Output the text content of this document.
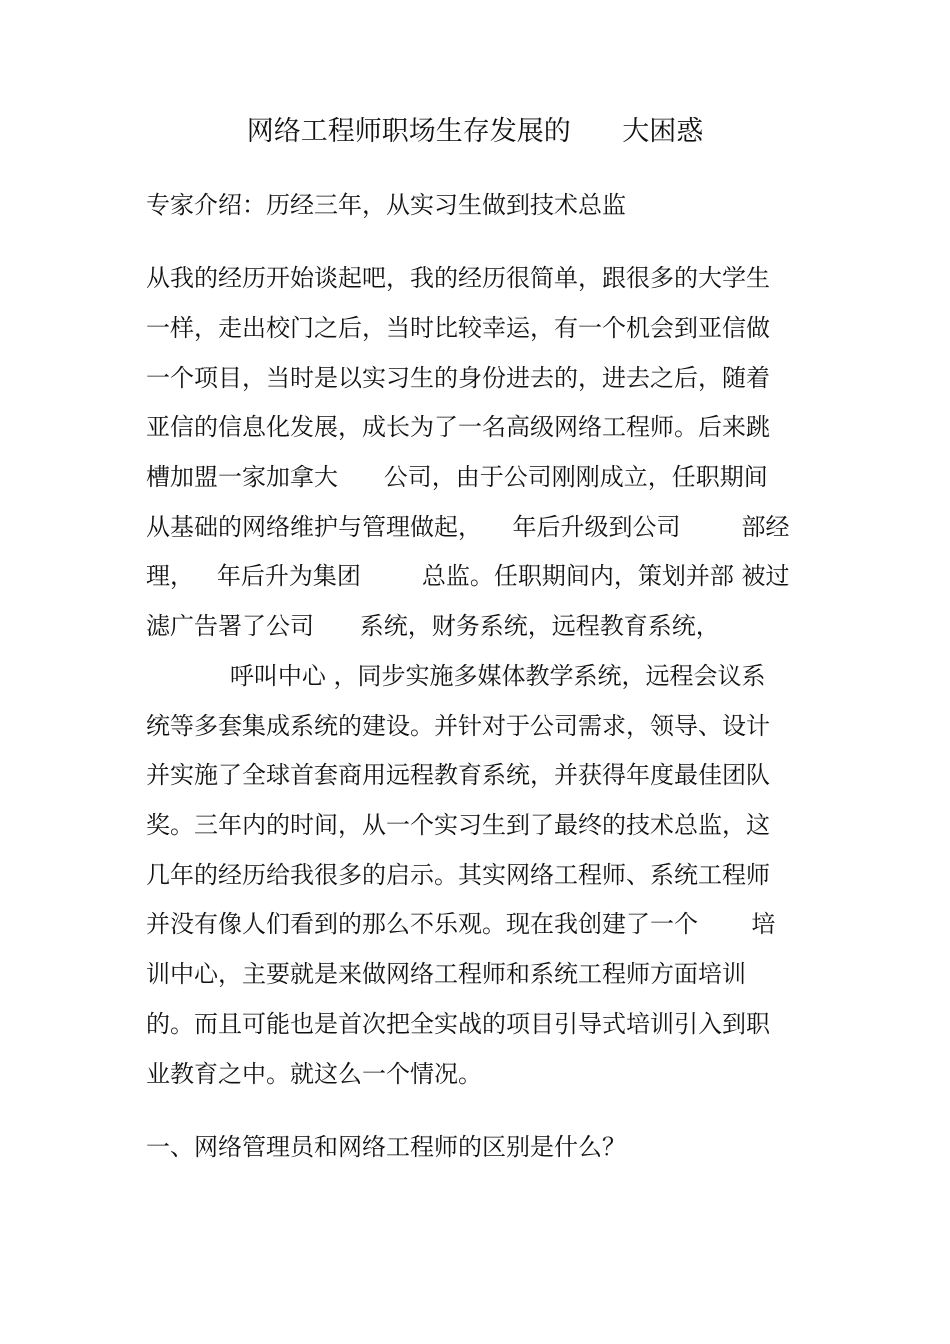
网络工程师职场生存发展的      大困惑
专家介绍：历经三年，从实习生做到技术总监
从我的经历开始谈起吧，我的经历很简单，跟很多的大学生
一样，走出校门之后，当时比较幸运，有一个机会到亚信做
一个项目，当时是以实习生的身份进去的，进去之后，随着
亚信的信息化发展，成长为了一名高级网络工程师。后来跳
槽加盟一家加拿大      公司，由于公司刚刚成立，任职期间
从基础的网络维护与管理做起，    年后升级到公司        部经
理，   年后升为集团        总监。任职期间内，策划并部 被过
滤广告署了公司      系统，财务系统，远程教育系统，
呼叫中心 ，同步实施多媒体教学系统，远程会议系
统等多套集成系统的建设。并针对于公司需求，领导、设计
并实施了全球首套商用远程教育系统，并获得年度最佳团队
奖。三年内的时间，从一个实习生到了最终的技术总监，这
几年的经历给我很多的启示。其实网络工程师、系统工程师
并没有像人们看到的那么不乐观。现在我创建了一个       培
训中心，主要就是来做网络工程师和系统工程师方面培训
的。而且可能也是首次把全实战的项目引导式培训引入到职
业教育之中。就这么一个情况。
一、网络管理员和网络工程师的区别是什么？
